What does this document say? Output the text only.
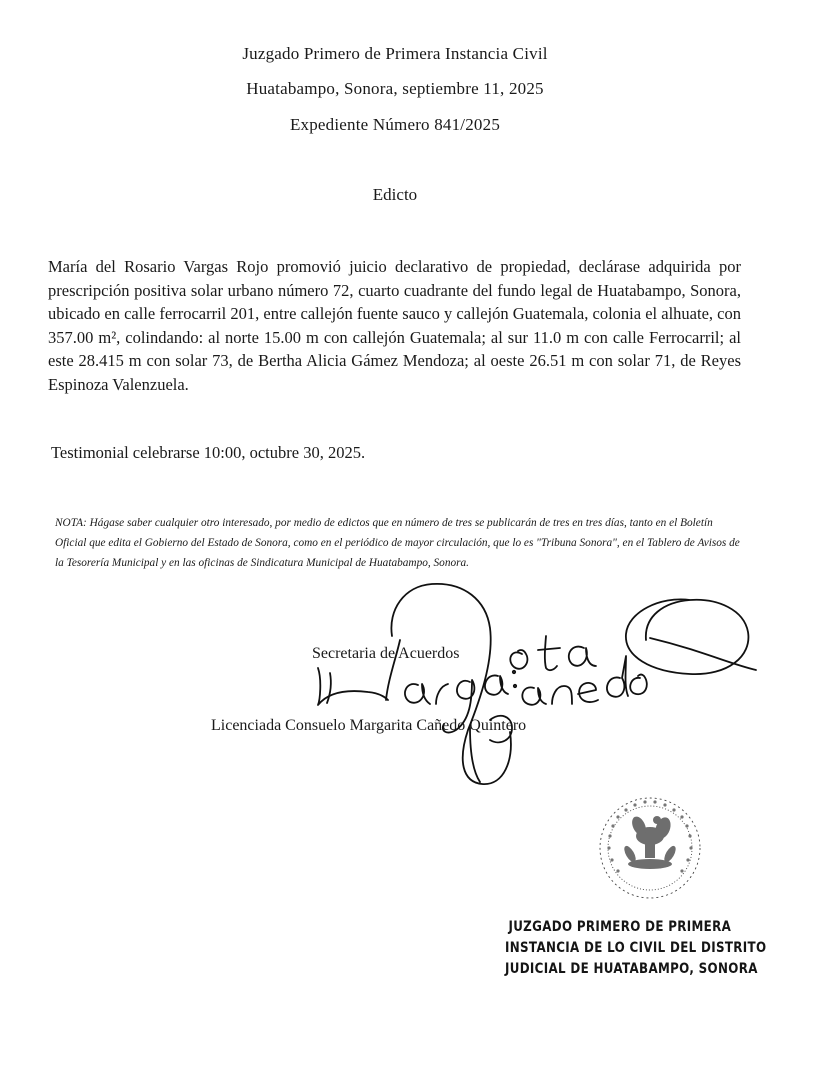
Juzgado Primero de Primera Instancia Civil
Huatabampo, Sonora, septiembre 11, 2025
Expediente Número 841/2025
Edicto
María del Rosario Vargas Rojo promovió juicio declarativo de propiedad, declárase adquirida por prescripción positiva solar urbano número 72, cuarto cuadrante del fundo legal de Huatabampo, Sonora, ubicado en calle ferrocarril 201, entre callejón fuente sauco y callejón Guatemala, colonia el alhuate, con 357.00 m², colindando: al norte 15.00 m con callejón Guatemala; al sur 11.0 m con calle Ferrocarril; al este 28.415 m con solar 73, de Bertha Alicia Gámez Mendoza; al oeste 26.51 m con solar 71, de Reyes Espinoza Valenzuela.
Testimonial celebrarse 10:00, octubre 30, 2025.
NOTA: Hágase saber cualquier otro interesado, por medio de edictos que en número de tres se publicarán de tres en tres días, tanto en el Boletín Oficial que edita el Gobierno del Estado de Sonora, como en el periódico de mayor circulación, que lo es "Tribuna Sonora", en el Tablero de Avisos de la Tesorería Municipal y en las oficinas de Sindicatura Municipal de Huatabampo, Sonora.
Secretaria de Acuerdos
Licenciada Consuelo Margarita Cañedo Quintero
JUZGADO PRIMERO DE PRIMERA
INSTANCIA DE LO CIVIL DEL DISTRITO
JUDICIAL DE HUATABAMPO, SONORA
